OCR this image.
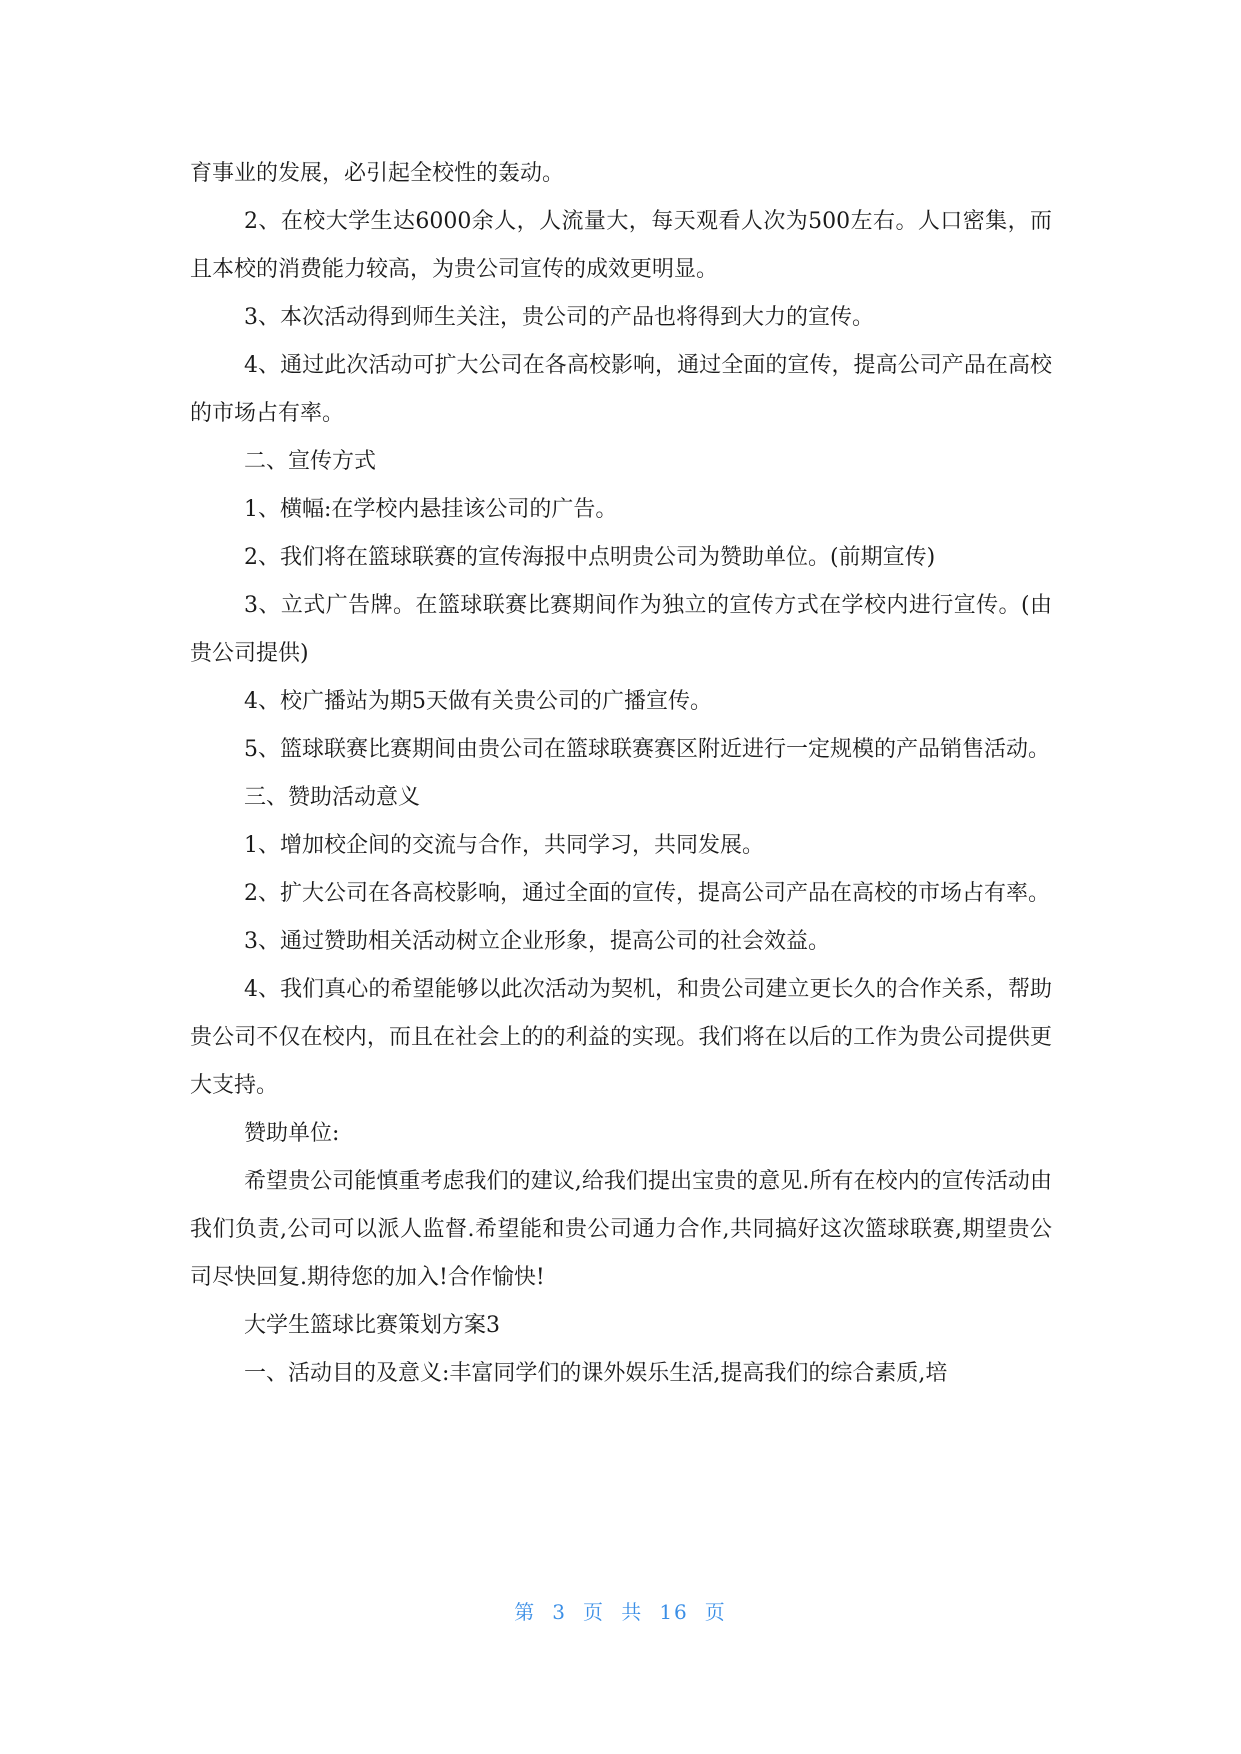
育事业的发展，必引起全校性的轰动。

2、在校大学生达6000余人，人流量大，每天观看人次为500左右。人口密集，而且本校的消费能力较高，为贵公司宣传的成效更明显。

3、本次活动得到师生关注，贵公司的产品也将得到大力的宣传。

4、通过此次活动可扩大公司在各高校影响，通过全面的宣传，提高公司产品在高校的市场占有率。

二、宣传方式

1、横幅:在学校内悬挂该公司的广告。

2、我们将在篮球联赛的宣传海报中点明贵公司为赞助单位。(前期宣传)

3、立式广告牌。在篮球联赛比赛期间作为独立的宣传方式在学校内进行宣传。(由贵公司提供)

4、校广播站为期5天做有关贵公司的广播宣传。

5、篮球联赛比赛期间由贵公司在篮球联赛赛区附近进行一定规模的产品销售活动。

三、赞助活动意义

1、增加校企间的交流与合作，共同学习，共同发展。

2、扩大公司在各高校影响，通过全面的宣传，提高公司产品在高校的市场占有率。

3、通过赞助相关活动树立企业形象，提高公司的社会效益。

4、我们真心的希望能够以此次活动为契机，和贵公司建立更长久的合作关系，帮助贵公司不仅在校内，而且在社会上的的利益的实现。我们将在以后的工作为贵公司提供更大支持。

赞助单位:

希望贵公司能慎重考虑我们的建议,给我们提出宝贵的意见.所有在校内的宣传活动由我们负责,公司可以派人监督.希望能和贵公司通力合作,共同搞好这次篮球联赛,期望贵公司尽快回复.期待您的加入!合作愉快!

大学生篮球比赛策划方案3

一、活动目的及意义:丰富同学们的课外娱乐生活,提高我们的综合素质,培

第 3 页 共 16 页
